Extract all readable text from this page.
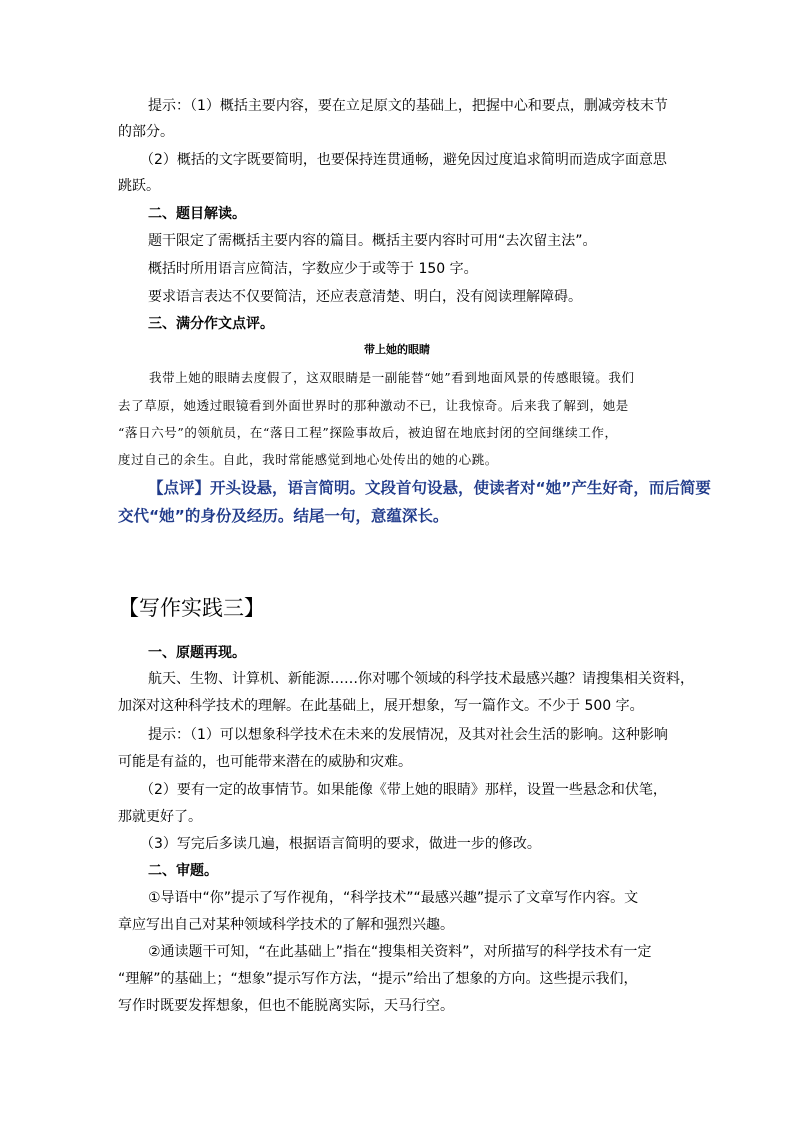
提示：（1）概括主要内容，要在立足原文的基础上，把握中心和要点，删减旁枝末节
的部分。
（2）概括的文字既要简明，也要保持连贯通畅，避免因过度追求简明而造成字面意思
跳跃。
二、题目解读。
题干限定了需概括主要内容的篇目。概括主要内容时可用“去次留主法”。
概括时所用语言应简洁，字数应少于或等于 150 字。
要求语言表达不仅要简洁，还应表意清楚、明白，没有阅读理解障碍。
三、满分作文点评。
带上她的眼睛
我带上她的眼睛去度假了，这双眼睛是一副能替“她”看到地面风景的传感眼镜。我们
去了草原，她透过眼镜看到外面世界时的那种激动不已，让我惊奇。后来我了解到，她是
“落日六号”的领航员，在“落日工程”探险事故后，被迫留在地底封闭的空间继续工作，
度过自己的余生。自此，我时常能感觉到地心处传出的她的心跳。
【点评】开头设悬，语言简明。文段首句设悬，使读者对“她”产生好奇，而后简要
交代“她”的身份及经历。结尾一句，意蕴深长。
【写作实践三】
一、原题再现。
航天、生物、计算机、新能源……你对哪个领域的科学技术最感兴趣？请搜集相关资料，
加深对这种科学技术的理解。在此基础上，展开想象，写一篇作文。不少于 500 字。
提示：（1）可以想象科学技术在未来的发展情况，及其对社会生活的影响。这种影响
可能是有益的，也可能带来潜在的威胁和灾难。
（2）要有一定的故事情节。如果能像《带上她的眼睛》那样，设置一些悬念和伏笔，
那就更好了。
（3）写完后多读几遍，根据语言简明的要求，做进一步的修改。
二、审题。
①导语中“你”提示了写作视角，“科学技术”“最感兴趣”提示了文章写作内容。文
章应写出自己对某种领域科学技术的了解和强烈兴趣。
②通读题干可知，“在此基础上”指在“搜集相关资料”，对所描写的科学技术有一定
“理解”的基础上；“想象”提示写作方法，“提示”给出了想象的方向。这些提示我们，
写作时既要发挥想象，但也不能脱离实际，天马行空。
